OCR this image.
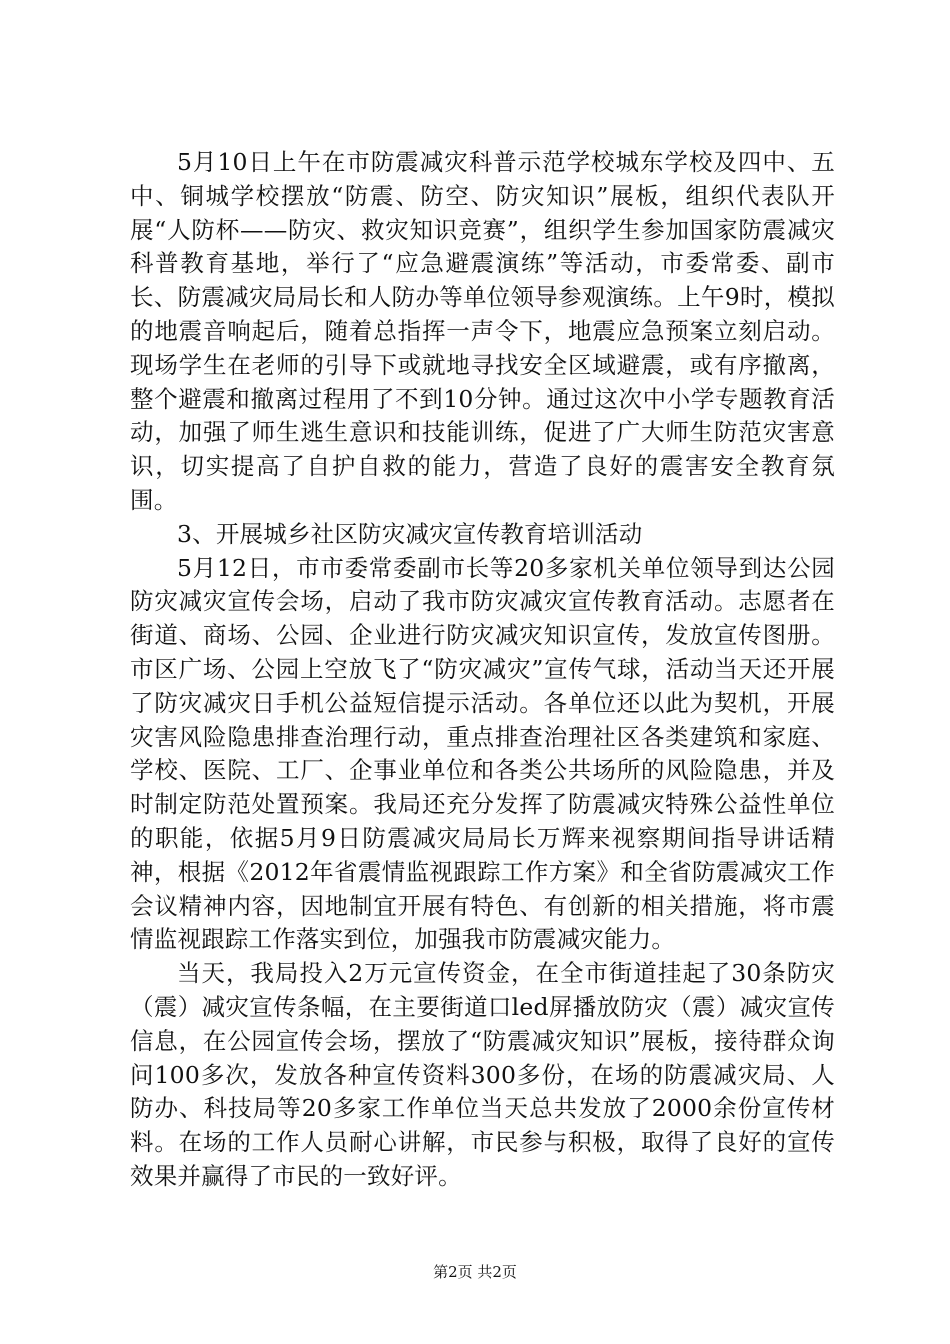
5月10日上午在市防震减灾科普示范学校城东学校及四中、五中、铜城学校摆放“防震、防空、防灾知识”展板，组织代表队开展“人防杯——防灾、救灾知识竞赛”，组织学生参加国家防震减灾科普教育基地，举行了“应急避震演练”等活动，市委常委、副市长、防震减灾局局长和人防办等单位领导参观演练。上午9时，模拟的地震音响起后，随着总指挥一声令下，地震应急预案立刻启动。现场学生在老师的引导下或就地寻找安全区域避震，或有序撤离，整个避震和撤离过程用了不到10分钟。通过这次中小学专题教育活动，加强了师生逃生意识和技能训练，促进了广大师生防范灾害意识，切实提高了自护自救的能力，营造了良好的震害安全教育氛围。

3、开展城乡社区防灾减灾宣传教育培训活动

5月12日，市市委常委副市长等20多家机关单位领导到达公园防灾减灾宣传会场，启动了我市防灾减灾宣传教育活动。志愿者在街道、商场、公园、企业进行防灾减灾知识宣传，发放宣传图册。市区广场、公园上空放飞了“防灾减灾”宣传气球，活动当天还开展了防灾减灾日手机公益短信提示活动。各单位还以此为契机，开展灾害风险隐患排查治理行动，重点排查治理社区各类建筑和家庭、学校、医院、工厂、企事业单位和各类公共场所的风险隐患，并及时制定防范处置预案。我局还充分发挥了防震减灾特殊公益性单位的职能，依据5月9日防震减灾局局长万辉来视察期间指导讲话精神，根据《2012年省震情监视跟踪工作方案》和全省防震减灾工作会议精神内容，因地制宜开展有特色、有创新的相关措施，将市震情监视跟踪工作落实到位，加强我市防震减灾能力。

当天，我局投入2万元宣传资金，在全市街道挂起了30条防灾（震）减灾宣传条幅，在主要街道口led屏播放防灾（震）减灾宣传信息，在公园宣传会场，摆放了“防震减灾知识”展板，接待群众询问100多次，发放各种宣传资料300多份，在场的防震减灾局、人防办、科技局等20多家工作单位当天总共发放了2000余份宣传材料。在场的工作人员耐心讲解，市民参与积极，取得了良好的宣传效果并赢得了市民的一致好评。

第2页 共2页
